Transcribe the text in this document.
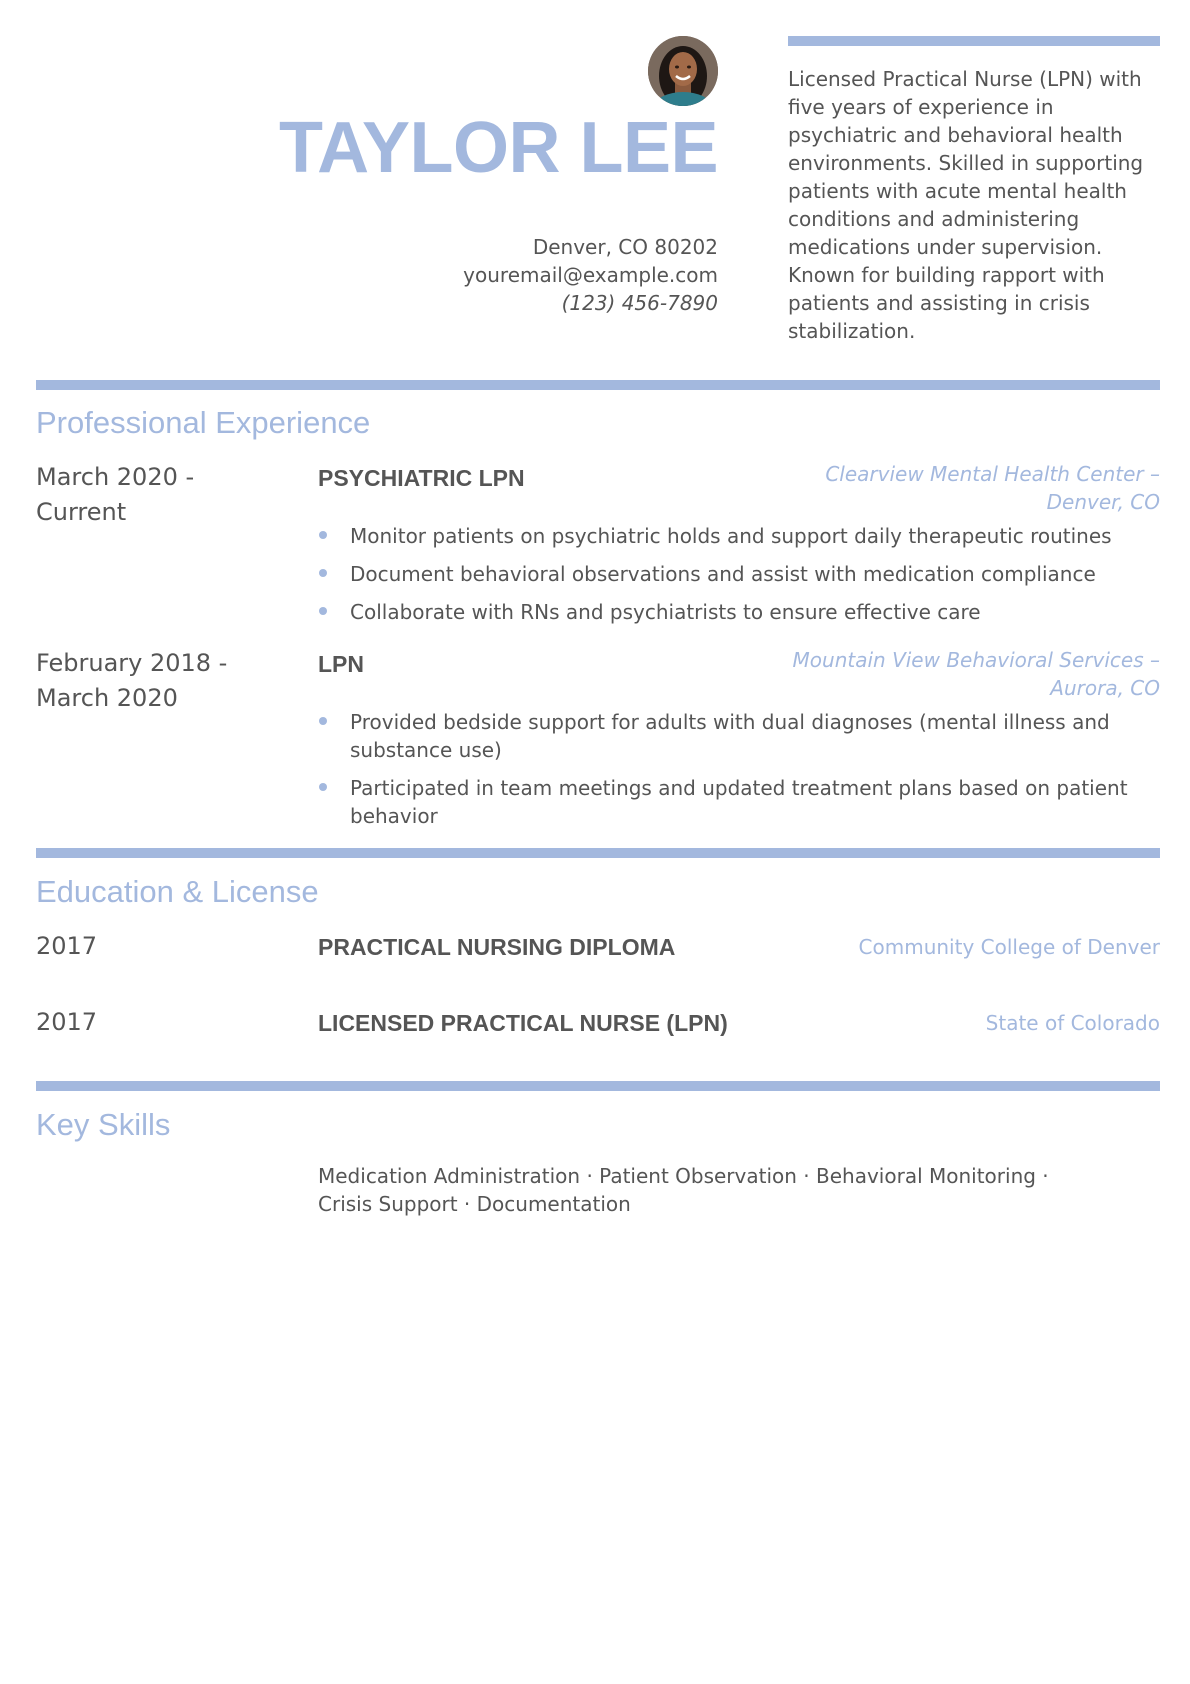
TAYLOR LEE
Denver, CO 80202
youremail@example.com
(123) 456-7890
Licensed Practical Nurse (LPN) with five years of experience in psychiatric and behavioral health environments. Skilled in supporting patients with acute mental health conditions and administering medications under supervision. Known for building rapport with patients and assisting in crisis stabilization.
Professional Experience
March 2020 -
Current
PSYCHIATRIC LPN	Clearview Mental Health Center –
Denver, CO
Monitor patients on psychiatric holds and support daily therapeutic routines
Document behavioral observations and assist with medication compliance
Collaborate with RNs and psychiatrists to ensure effective care
February 2018 -
March 2020
LPN	Mountain View Behavioral Services –
Aurora, CO
Provided bedside support for adults with dual diagnoses (mental illness and substance use)
Participated in team meetings and updated treatment plans based on patient behavior
Education & License
2017	PRACTICAL NURSING DIPLOMA	Community College of Denver
2017	LICENSED PRACTICAL NURSE (LPN)	State of Colorado
Key Skills
Medication Administration · Patient Observation · Behavioral Monitoring · Crisis Support · Documentation
